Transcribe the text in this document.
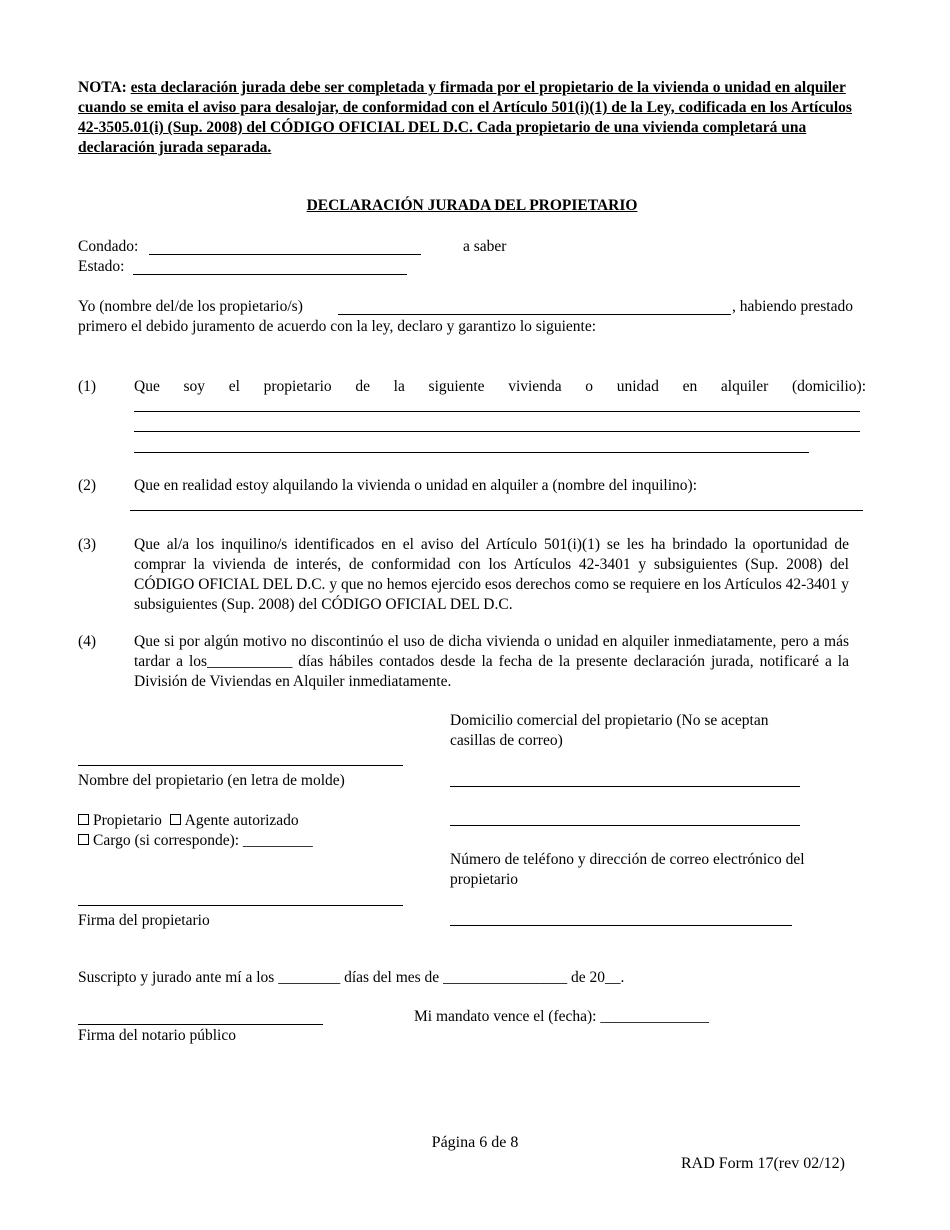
NOTA: esta declaración jurada debe ser completada y firmada por el propietario de la vivienda o unidad en alquiler cuando se emita el aviso para desalojar, de conformidad con el Artículo 501(i)(1) de la Ley, codificada en los Artículos 42-3505.01(i) (Sup. 2008) del CÓDIGO OFICIAL DEL D.C. Cada propietario de una vivienda completará una declaración jurada separada.
DECLARACIÓN JURADA DEL PROPIETARIO
Condado:	a saber
Estado:
Yo (nombre del/de los propietario/s)	, habiendo prestado
primero el debido juramento de acuerdo con la ley, declaro y garantizo lo siguiente:
(1) Que soy el propietario de la siguiente vivienda o unidad en alquiler (domicilio):
(2) Que en realidad estoy alquilando la vivienda o unidad en alquiler a (nombre del inquilino):
(3) Que al/a los inquilino/s identificados en el aviso del Artículo 501(i)(1) se les ha brindado la oportunidad de comprar la vivienda de interés, de conformidad con los Artículos 42-3401 y subsiguientes (Sup. 2008) del CÓDIGO OFICIAL DEL D.C. y que no hemos ejercido esos derechos como se requiere en los Artículos 42-3401 y subsiguientes (Sup. 2008) del CÓDIGO OFICIAL DEL D.C.
(4) Que si por algún motivo no discontinúo el uso de dicha vivienda o unidad en alquiler inmediatamente, pero a más tardar a los___________ días hábiles contados desde la fecha de la presente declaración jurada, notificaré a la División de Viviendas en Alquiler inmediatamente.
Domicilio comercial del propietario (No se aceptan casillas de correo)
Número de teléfono y dirección de correo electrónico del propietario
Nombre del propietario (en letra de molde)
Propietario Agente autorizado
Cargo (si corresponde): _________
Firma del propietario
Suscripto y jurado ante mí a los ________ días del mes de ________________ de 20__.
Firma del notario público
Mi mandato vence el (fecha): ______________
Página 6 de 8
RAD Form 17(rev 02/12)
